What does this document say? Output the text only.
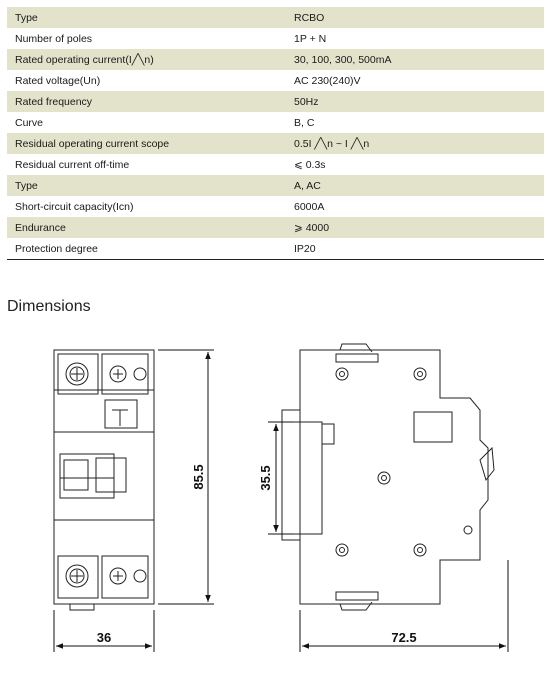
Type	RCBO
Number of poles	1P + N
Rated operating current(I╱╲n)	30, 100, 300, 500mA
Rated voltage(Un)	AC 230(240)V
Rated frequency	50Hz
Curve	B, C
Residual operating current scope	0.5I ╱╲n ~ I ╱╲n
Residual current off-time	⩽ 0.3s
Type	A, AC
Short-circuit capacity(Icn)	6000A
Endurance	⩾ 4000
Protection degree	IP20
Dimensions
85.5
36
35.5
72.5
